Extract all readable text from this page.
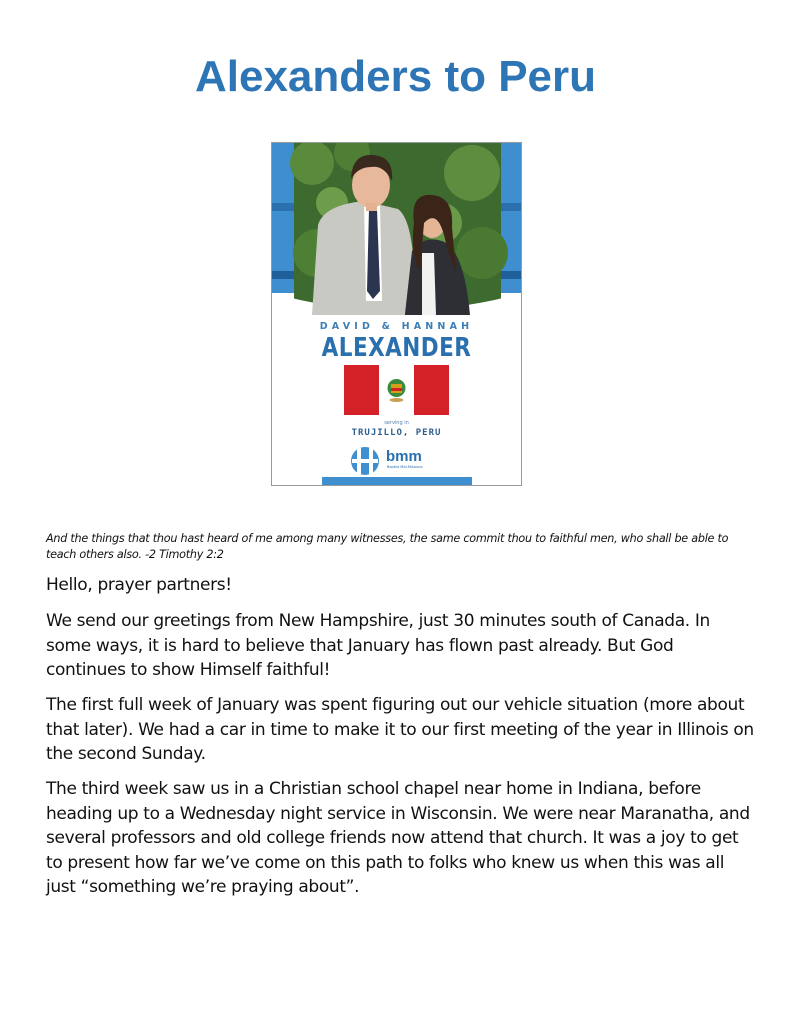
Alexanders to Peru
DAVID & HANNAH
ALEXANDER
serving in
TRUJILLO, PERU
bmm
Baptist Mid-Missions

And the things that thou hast heard of me among many witnesses, the same commit thou to faithful men, who shall be able to teach others also. -2 Timothy 2:2

Hello, prayer partners!

We send our greetings from New Hampshire, just 30 minutes south of Canada. In some ways, it is hard to believe that January has flown past already. But God continues to show Himself faithful!

The first full week of January was spent figuring out our vehicle situation (more about that later). We had a car in time to make it to our first meeting of the year in Illinois on the second Sunday.

The third week saw us in a Christian school chapel near home in Indiana, before heading up to a Wednesday night service in Wisconsin. We were near Maranatha, and several professors and old college friends now attend that church. It was a joy to get to present how far we’ve come on this path to folks who knew us when this was all just “something we’re praying about”.
